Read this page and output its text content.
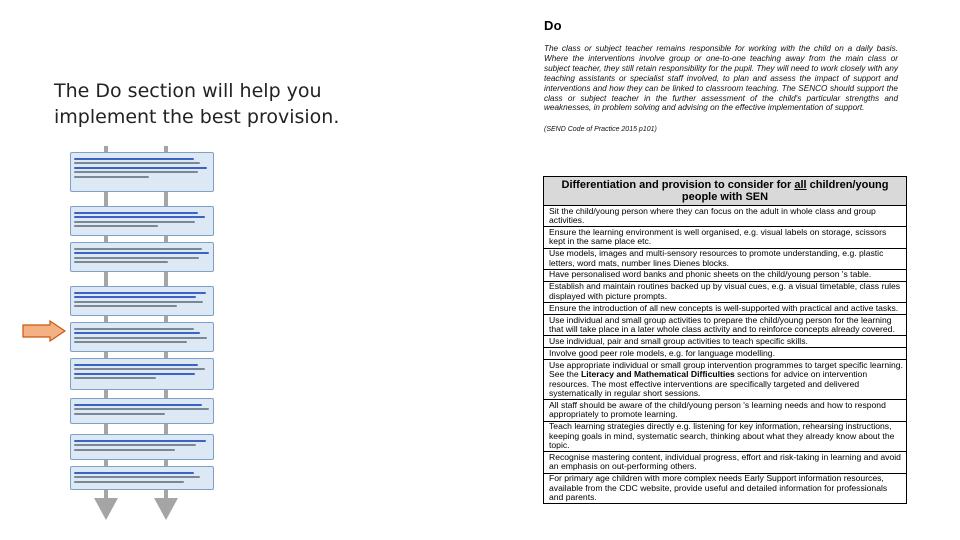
The Do section will help you implement the best provision.
Do
The class or subject teacher remains responsible for working with the child on a daily basis. Where the interventions involve group or one-to-one teaching away from the main class or subject teacher, they still retain responsibility for the pupil. They will need to work closely with any teaching assistants or specialist staff involved, to plan and assess the impact of support and interventions and how they can be linked to classroom teaching. The SENCO should support the class or subject teacher in the further assessment of the child's particular strengths and weaknesses, in problem solving and advising on the effective implementation of support.
(SEND Code of Practice 2015 p101)
Differentiation and provision to consider for all children/young people with SEN
Sit the child/young person where they can focus on the adult in whole class and group activities.
Ensure the learning environment is well organised, e.g. visual labels on storage, scissors kept in the same place etc.
Use models, images and multi-sensory resources to promote understanding, e.g. plastic letters, word mats, number lines Dienes blocks.
Have personalised word banks and phonic sheets on the child/young person 's table.
Establish and maintain routines backed up by visual cues, e.g. a visual timetable, class rules displayed with picture prompts.
Ensure the introduction of all new concepts is well-supported with practical and active tasks.
Use individual and small group activities to prepare the child/young person for the learning that will take place in a later whole class activity and to reinforce concepts already covered.
Use individual, pair and small group activities to teach specific skills.
Involve good peer role models, e.g. for language modelling.
Use appropriate individual or small group intervention programmes to target specific learning. See the Literacy and Mathematical Difficulties sections for advice on intervention resources. The most effective interventions are specifically targeted and delivered systematically in regular short sessions.
All staff should be aware of the child/young person 's learning needs and how to respond appropriately to promote learning.
Teach learning strategies directly e.g. listening for key information, rehearsing instructions, keeping goals in mind, systematic search, thinking about what they already know about the topic.
Recognise mastering content, individual progress, effort and risk-taking in learning and avoid an emphasis on out-performing others.
For primary age children with more complex needs Early Support information resources, available from the CDC website, provide useful and detailed information for professionals and parents.
